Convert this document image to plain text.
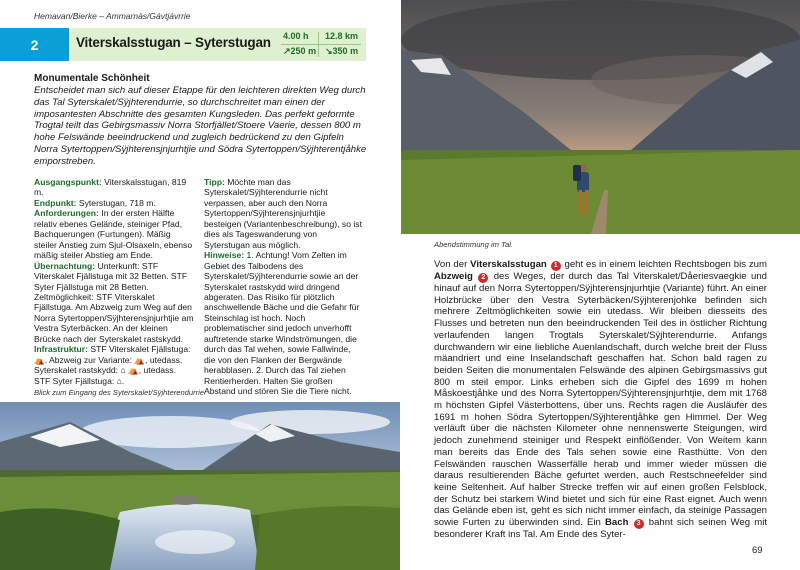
Hemavan/Bierke – Ammarnäs/Gávtjávrrie
2	Viterskalsstugan – Syterstugan 4.00 h 12.8 km
↗250 m ↘350 m
Monumentale Schönheit
Entscheidet man sich auf dieser Etappe für den leichteren direkten Weg durch das Tal Syterskalet/Sÿjhterendurrie, so durchschreitet man einen der imposantesten Abschnitte des gesamten Kungsleden. Das perfekt geformte Trogtal teilt das Gebirgsmassiv Norra Storfjället/Stoere Vaerie, dessen 800 m hohe Felswände beeindruckend und zugleich bedrückend zu den Gipfeln Norra Sytertoppen/Sÿjhterensjnjurhtjie und Södra Sytertoppen/Sÿjhterentjåhke emporstreben.
Ausgangspunkt: Viterskalsstugan, 819 m.
Endpunkt: Syterstugan, 718 m.
Anforderungen: In der ersten Hälfte relativ ebenes Gelände, steiniger Pfad, Bachquerungen (Furtungen). Mäßig steiler Anstieg zum Sjul-Olsaxeln, ebenso mäßig steiler Abstieg am Ende.
Übernachtung: Unterkunft: STF Viterskalet Fjällstuga mit 32 Betten. STF Syter Fjällstuga mit 28 Betten. Zeltmöglichkeit: STF Viterskalet Fjällstuga. Am Abzweig zum Weg auf den Norra Sytertoppen/Sÿjhterensjnjurhtjie am Vestra Syterbäcken. An der kleinen Brücke nach der Syterskalet rastskydd.
Infrastruktur: STF Viterskalet Fjällstuga: ⛺. Abzweig zur Variante: ⛺, utedass. Syterskalet rastskydd: ⌂ ⛺, utedass. STF Syter Fjällstuga: ⌂.
Tipp: Möchte man das Syterskalet/Sÿjhterendurrie nicht verpassen, aber auch den Norra Sytertoppen/Sÿjhterensjnjurhtjie besteigen (Variantenbeschreibung), so ist dies als Tageswanderung von Syterstugan aus möglich.
Hinweise: 1. Achtung! Vom Zelten im Gebiet des Talbodens des Syterskalet/Sÿjhterendurrie sowie an der Syterskalet rastskydd wird dringend abgeraten. Das Risiko für plötzlich anschwellende Bäche und die Gefahr für Steinschlag ist hoch. Noch problematischer sind jedoch unverhofft auftretende starke Windströmungen, die durch das Tal wehen, sowie Fallwinde, die von den Flanken der Bergwände herabblasen. 2. Durch das Tal ziehen Rentierherden. Halten Sie großen Abstand und stören Sie die Tiere nicht.
Blick zum Eingang des Syterskalet/Sÿjhterendurrie.
Abendstimmung im Tal.
Von der Viterskalsstugan 1 geht es in einem leichten Rechtsbogen bis zum Abzweig 2 des Weges, der durch das Tal Viterskalet/Dåeriesvaegkie und hinauf auf den Norra Sytertoppen/Sÿjhterensjnjurhtjie (Variante) führt. An einer Holzbrücke über den Vestra Syterbäcken/Sÿjhterenjohke befinden sich mehrere Zeltmöglichkeiten sowie ein utedass. Wir bleiben diesseits des Flusses und betreten nun den beeindruckenden Teil des in östlicher Richtung verlaufenden langen Trogtals Syterskalet/Sÿjhterendurrie. Anfangs durchwandern wir eine liebliche Auenlandschaft, durch welche breit der Fluss mäandriert und eine Inselandschaft geschaffen hat. Schon bald ragen zu beiden Seiten die monumentalen Felswände des alpinen Gebirgsmassivs gut 800 m steil empor. Links erheben sich die Gipfel des 1699 m hohen Måskoestjåhke und des Norra Sytertoppen/Sÿjhterensjnjurhtjie, dem mit 1768 m höchsten Gipfel Västerbottens, über uns. Rechts ragen die Ausläufer des 1691 m hohen Södra Sytertoppen/Sÿjhterentjåhke gen Himmel. Der Weg verläuft über die nächsten Kilometer ohne nennenswerte Steigungen, wird jedoch zunehmend steiniger und Respekt einflößender. Von Weitem kann man bereits das Ende des Tals sehen sowie eine Rasthütte. Von den Felswänden rauschen Wasserfälle herab und immer wieder müssen die daraus resultierenden Bäche gefurtet werden, auch Restschneefelder sind keine Seltenheit. Auf halber Strecke treffen wir auf einen großen Felsblock, der Schutz bei starkem Wind bietet und sich für eine Rast eignet. Auch wenn das Gelände eben ist, geht es sich nicht immer einfach, da steinige Passagen sowie Furten zu überwinden sind. Ein Bach 3 bahnt sich seinen Weg mit besonderer Kraft ins Tal. Am Ende des Syter-
69
